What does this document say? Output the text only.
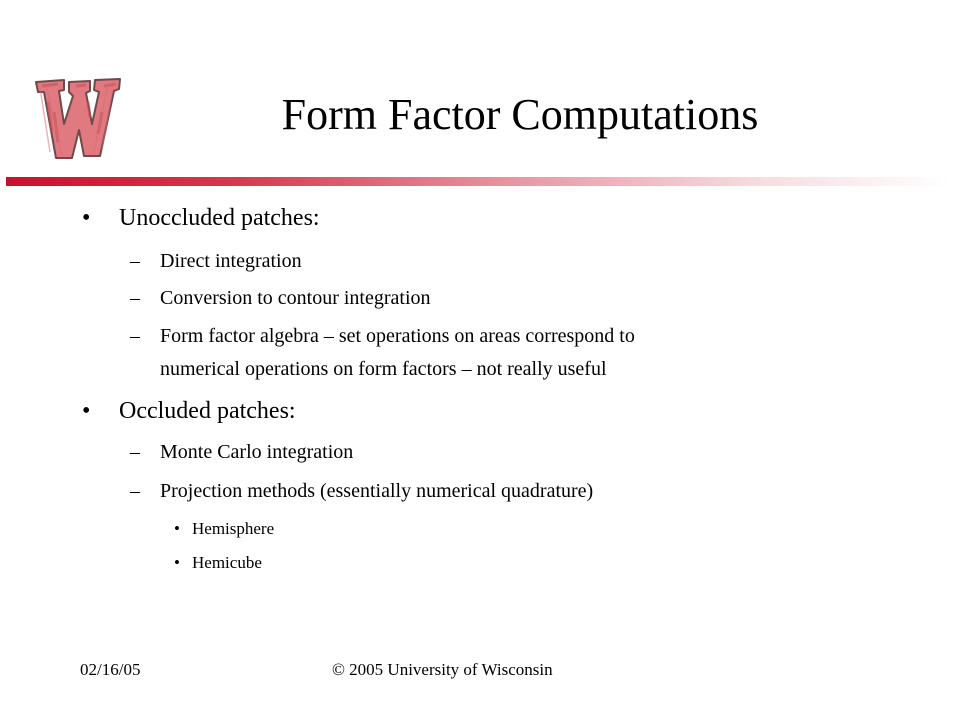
Form Factor Computations
• Unoccluded patches:
– Direct integration
– Conversion to contour integration
– Form factor algebra – set operations on areas correspond to
numerical operations on form factors – not really useful
• Occluded patches:
– Monte Carlo integration
– Projection methods (essentially numerical quadrature)
• Hemisphere
• Hemicube
02/16/05	© 2005 University of Wisconsin
